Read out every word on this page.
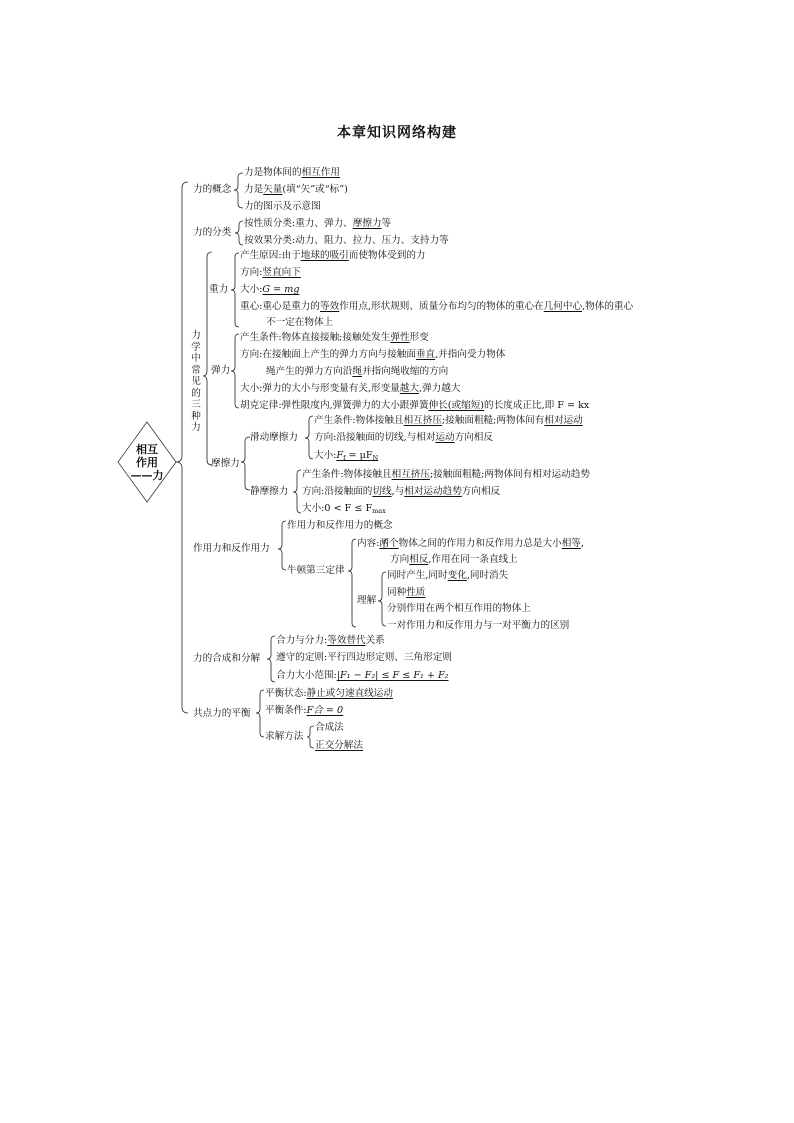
本章知识网络构建
相互
作用
——力
力的概念
力是物体间的相互作用
力是矢量(填“矢”或“标”)
力的图示及示意图
力的分类
按性质分类:重力、弹力、摩擦力等
按效果分类:动力、阻力、拉力、压力、支持力等
力学中常见的三种力
重力
产生原因:由于地球的吸引而使物体受到的力
方向:竖直向下
大小:G = mg
重心:重心是重力的等效作用点,形状规则、质量分布均匀的物体的重心在几何中心,物体的重心
不一定在物体上
弹力
产生条件:物体直接接触;接触处发生弹性形变
方向:在接触面上产生的弹力方向与接触面垂直,并指向受力物体
绳产生的弹力方向沿绳并指向绳收缩的方向
大小:弹力的大小与形变量有关,形变量越大,弹力越大
胡克定律:弹性限度内,弹簧弹力的大小跟弹簧伸长(或缩短)的长度成正比,即 F = kx
摩擦力
滑动摩擦力
产生条件:物体接触且相互挤压;接触面粗糙;两物体间有相对运动
方向:沿接触面的切线,与相对运动方向相反
大小$:F_f = \mu F_N$
静摩擦力
产生条件:物体接触且相互挤压;接触面粗糙;两物体间有相对运动趋势
方向:沿接触面的切线,与相对运动趋势方向相反
大小:0 < $F \le F_{max}$
作用力和反作用力
作用力和反作用力的概念
牛顿第三定律
内容:两个物体之间的作用力和反作用力总是大小相等,
方向相反,作用在同一条直线上
理解
同时产生,同时变化,同时消失
同种性质
分别作用在两个相互作用的物体上
一对作用力和反作用力与一对平衡力的区别
力的合成和分解
合力与分力:等效替代关系
遵守的定则:平行四边形定则、三角形定则
合力大小范围:|F₁ − F₂| ≤ F ≤ F₁ + F₂
共点力的平衡
平衡状态:静止或匀速直线运动
平衡条件:F合 = 0
求解方法
合成法
正交分解法
